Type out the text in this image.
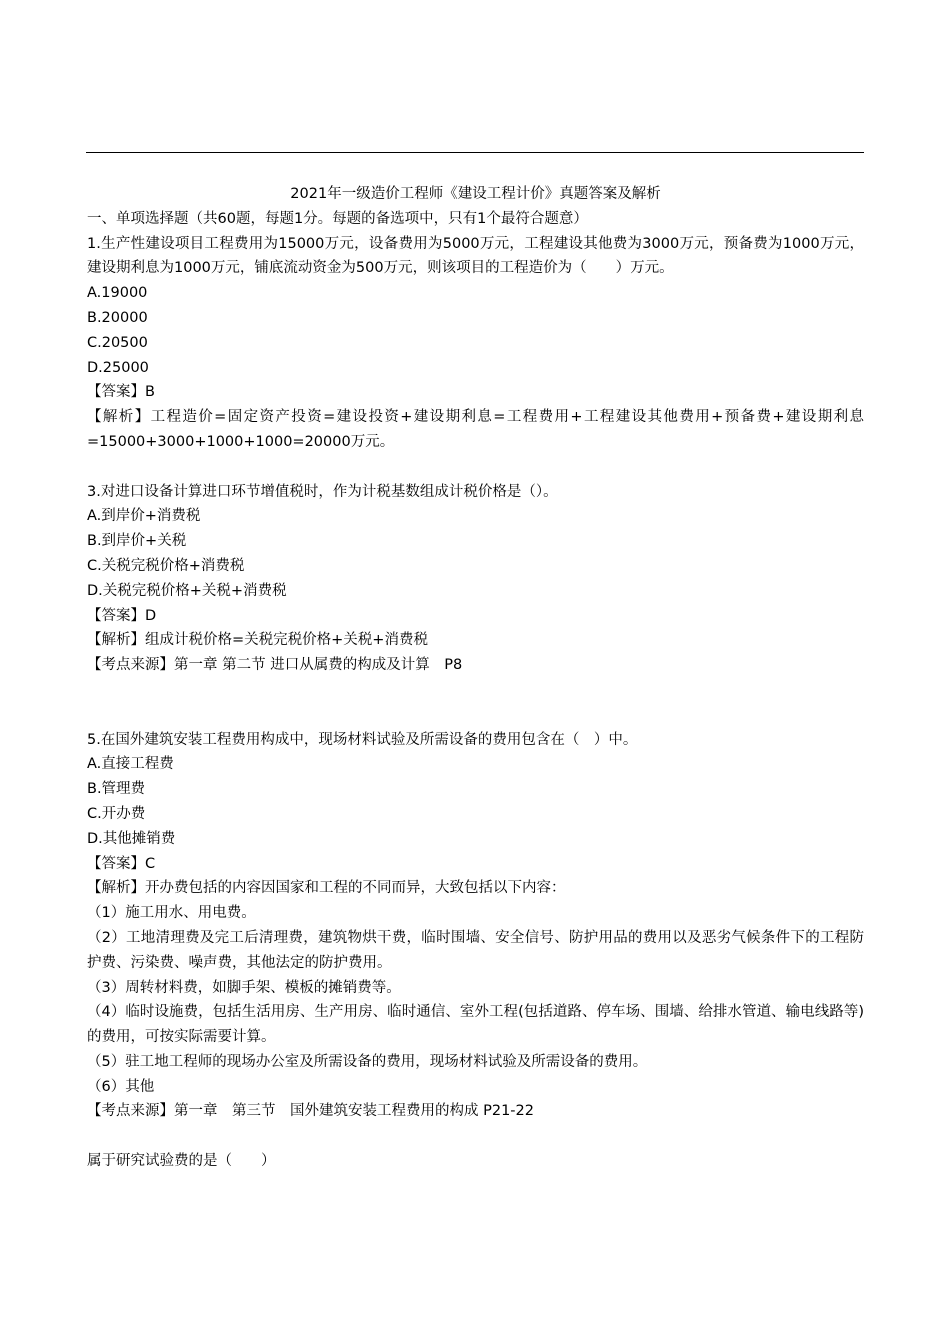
2021年一级造价工程师《建设工程计价》真题答案及解析
一、单项选择题（共60题，每题1分。每题的备选项中，只有1个最符合题意）
1.生产性建设项目工程费用为15000万元，设备费用为5000万元，工程建设其他费为3000万元，预备费为1000万元，建设期利息为1000万元，铺底流动资金为500万元，则该项目的工程造价为（　　）万元。
A.19000
B.20000
C.20500
D.25000
【答案】B
【解析】工程造价=固定资产投资=建设投资+建设期利息=工程费用+工程建设其他费用+预备费+建设期利息=15000+3000+1000+1000=20000万元。
3.对进口设备计算进口环节增值税时，作为计税基数组成计税价格是（）。
A.到岸价+消费税
B.到岸价+关税
C.关税完税价格+消费税
D.关税完税价格+关税+消费税
【答案】D
【解析】组成计税价格=关税完税价格+关税+消费税
【考点来源】第一章 第二节 进口从属费的构成及计算　P8
5.在国外建筑安装工程费用构成中，现场材料试验及所需设备的费用包含在（　）中。
A.直接工程费
B.管理费
C.开办费
D.其他摊销费
【答案】C
【解析】开办费包括的内容因国家和工程的不同而异，大致包括以下内容：
（1）施工用水、用电费。
（2）工地清理费及完工后清理费，建筑物烘干费，临时围墙、安全信号、防护用品的费用以及恶劣气候条件下的工程防护费、污染费、噪声费，其他法定的防护费用。
（3）周转材料费，如脚手架、模板的摊销费等。
（4）临时设施费，包括生活用房、生产用房、临时通信、室外工程(包括道路、停车场、围墙、给排水管道、输电线路等)的费用，可按实际需要计算。
（5）驻工地工程师的现场办公室及所需设备的费用，现场材料试验及所需设备的费用。
（6）其他
【考点来源】第一章　第三节　国外建筑安装工程费用的构成 P21-22
属于研究试验费的是（　　）
